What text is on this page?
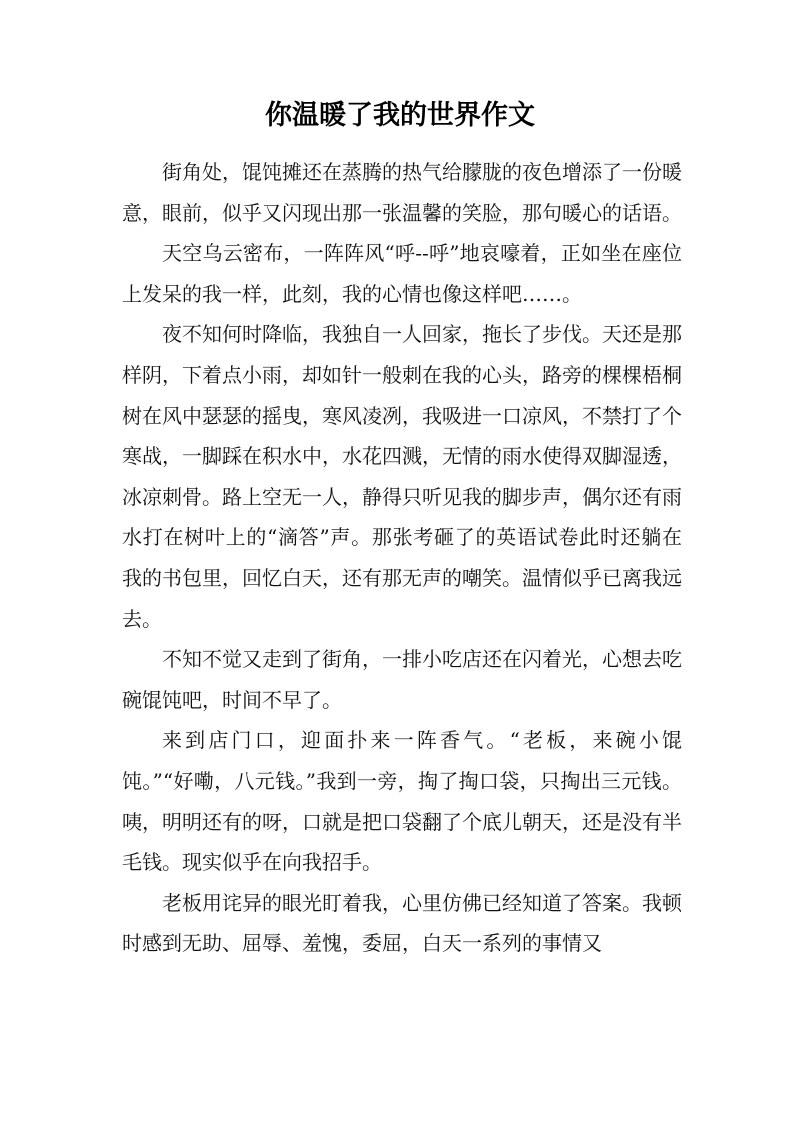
你温暖了我的世界作文

街角处，馄饨摊还在蒸腾的热气给朦胧的夜色增添了一份暖意，眼前，似乎又闪现出那一张温馨的笑脸，那句暖心的话语。

天空乌云密布，一阵阵风“呼--呼”地哀嚎着，正如坐在座位上发呆的我一样，此刻，我的心情也像这样吧……。

夜不知何时降临，我独自一人回家，拖长了步伐。天还是那样阴，下着点小雨，却如针一般刺在我的心头，路旁的棵棵梧桐树在风中瑟瑟的摇曳，寒风凌冽，我吸进一口凉风，不禁打了个寒战，一脚踩在积水中，水花四溅，无情的雨水使得双脚湿透，冰凉刺骨。路上空无一人，静得只听见我的脚步声，偶尔还有雨水打在树叶上的“滴答”声。那张考砸了的英语试卷此时还躺在我的书包里，回忆白天，还有那无声的嘲笑。温情似乎已离我远去。

不知不觉又走到了街角，一排小吃店还在闪着光，心想去吃碗馄饨吧，时间不早了。

来到店门口，迎面扑来一阵香气。“老板，来碗小馄饨。”“好嘞，八元钱。”我到一旁，掏了掏口袋，只掏出三元钱。咦，明明还有的呀，口就是把口袋翻了个底儿朝天，还是没有半毛钱。现实似乎在向我招手。

老板用诧异的眼光盯着我，心里仿佛已经知道了答案。我顿时感到无助、屈辱、羞愧，委屈，白天一系列的事情又
